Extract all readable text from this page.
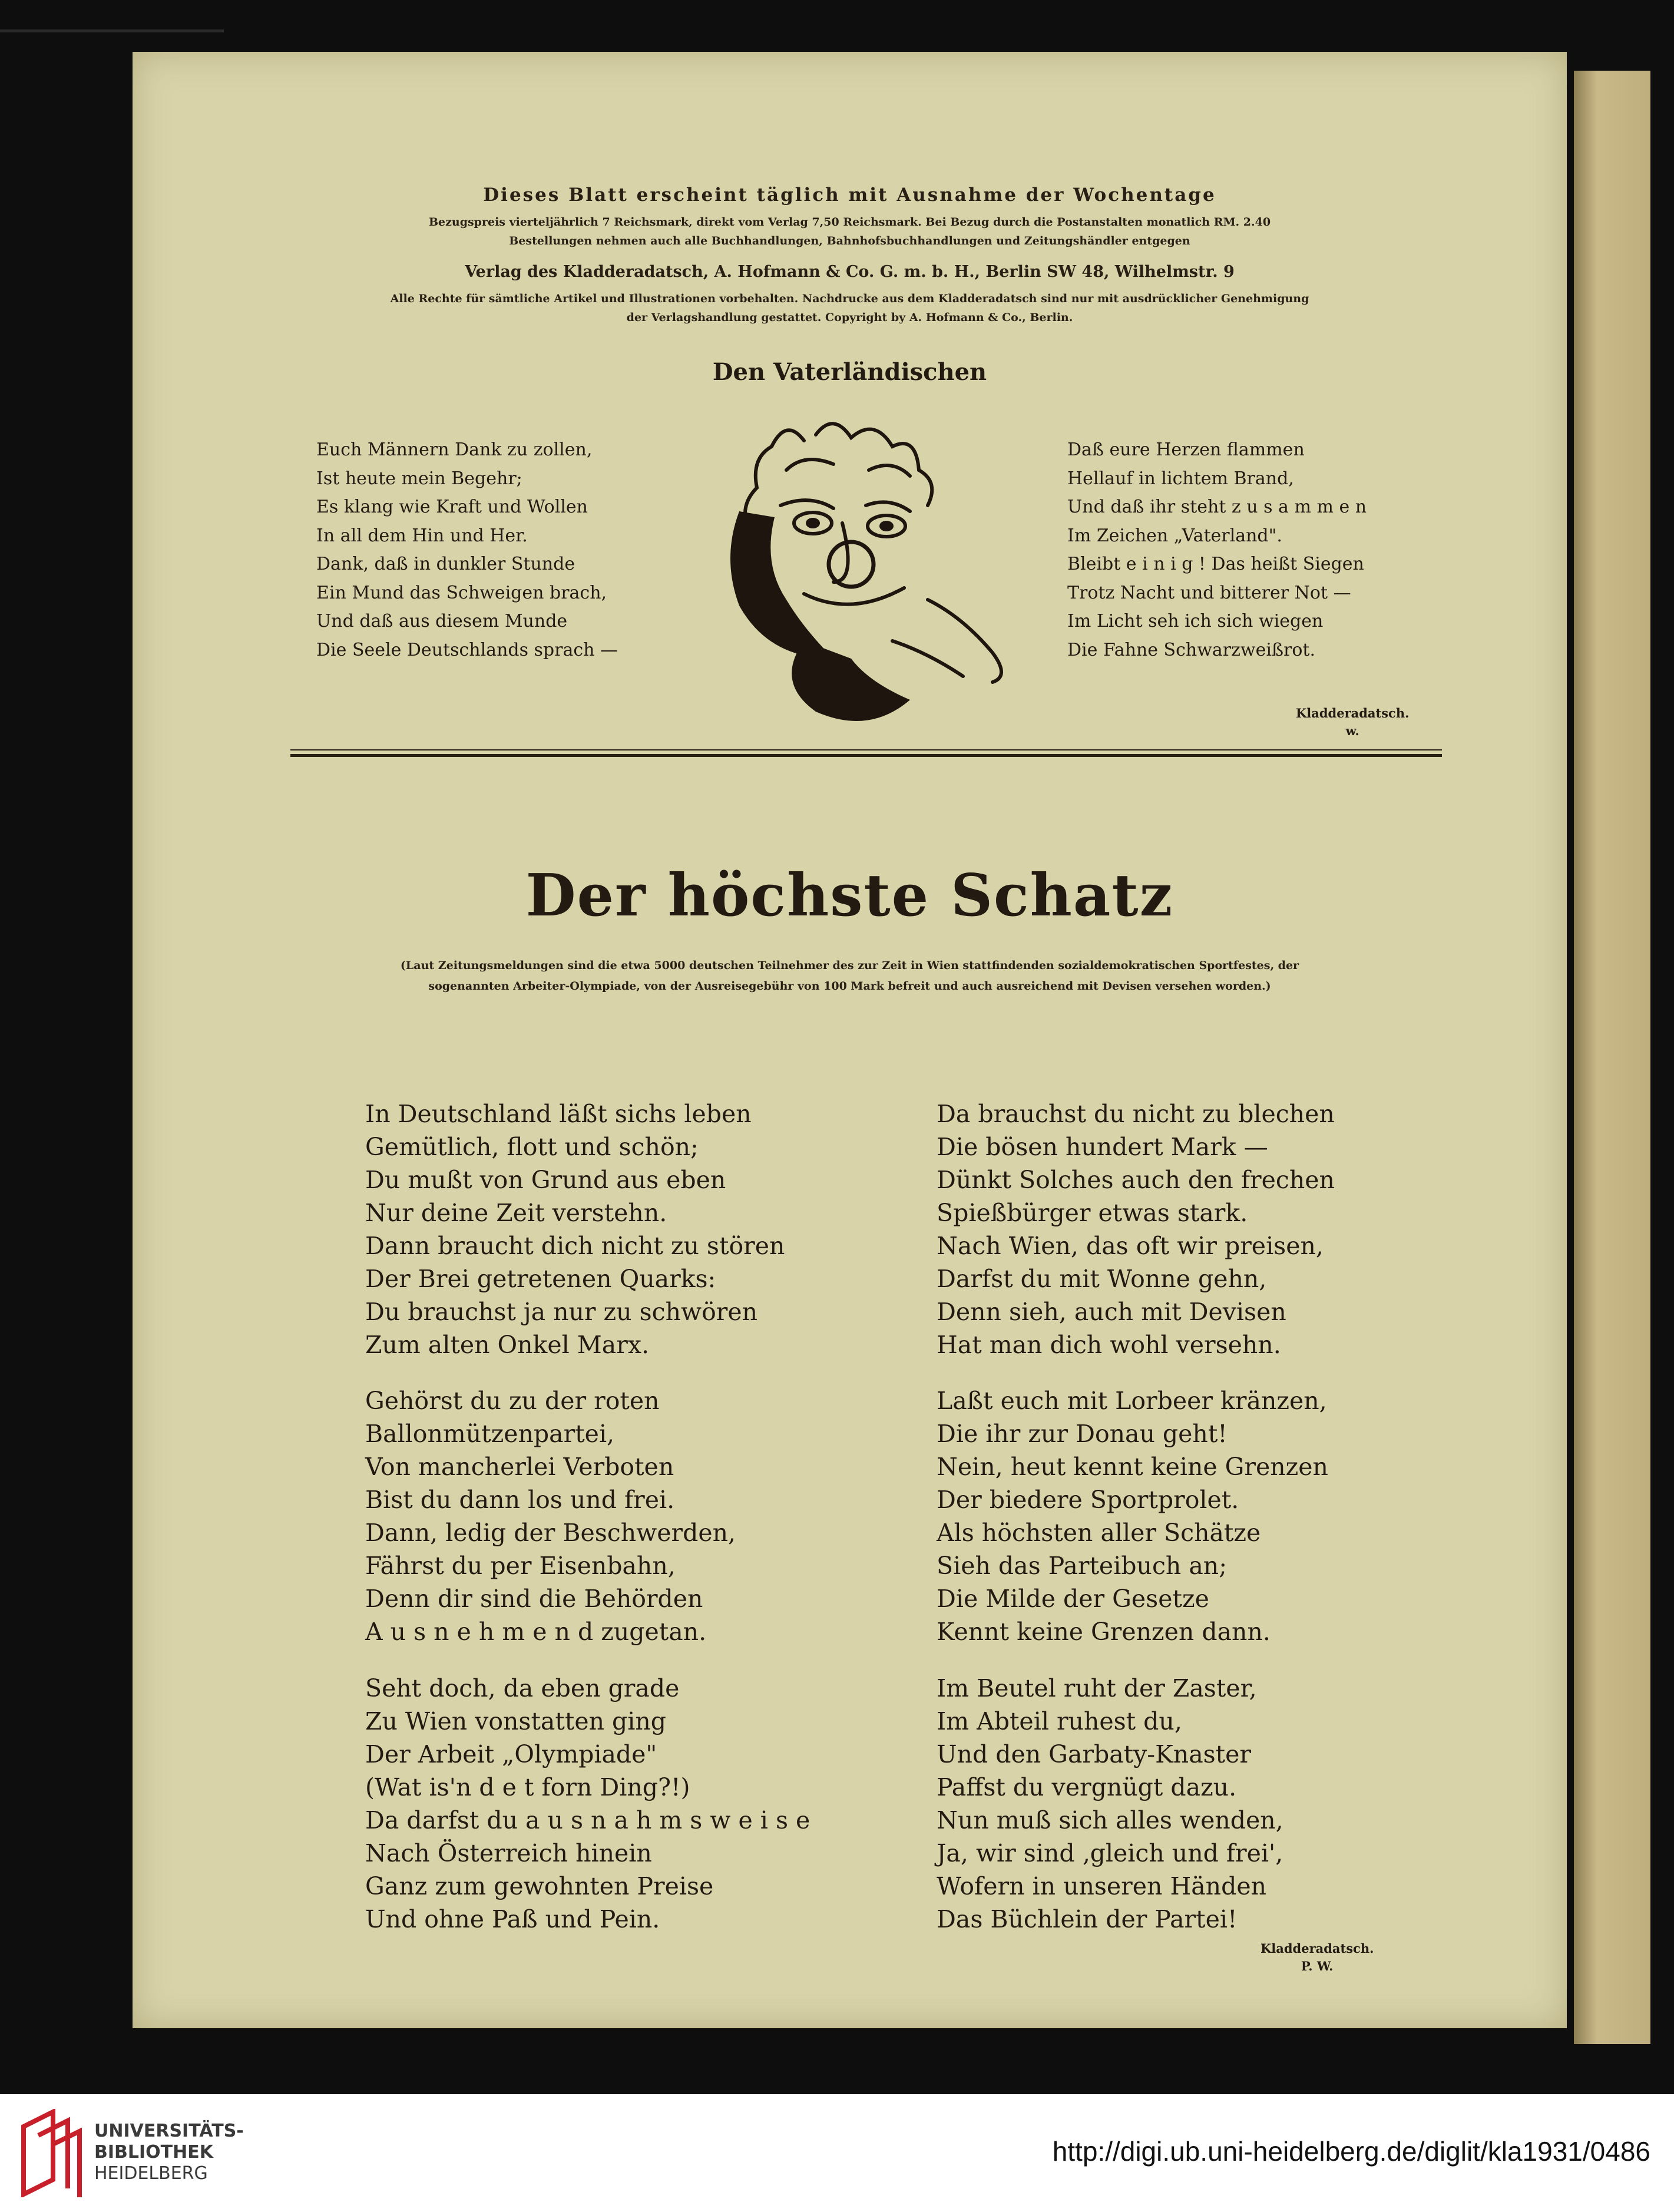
Dieses Blatt erscheint täglich mit Ausnahme der Wochentage
Bezugspreis vierteljährlich 7 Reichsmark, direkt vom Verlag 7,50 Reichsmark. Bei Bezug durch die Postanstalten monatlich RM. 2.40
Bestellungen nehmen auch alle Buchhandlungen, Bahnhofsbuchhandlungen und Zeitungshändler entgegen
Verlag des Kladderadatsch, A. Hofmann & Co. G. m. b. H., Berlin SW 48, Wilhelmstr. 9
Alle Rechte für sämtliche Artikel und Illustrationen vorbehalten. Nachdrucke aus dem Kladderadatsch sind nur mit ausdrücklicher Genehmigung
der Verlagshandlung gestattet. Copyright by A. Hofmann & Co., Berlin.
Den Vaterländischen
Euch Männern Dank zu zollen,
Ist heute mein Begehr;
Es klang wie Kraft und Wollen
In all dem Hin und Her.
Dank, daß in dunkler Stunde
Ein Mund das Schweigen brach,
Und daß aus diesem Munde
Die Seele Deutschlands sprach —
Daß eure Herzen flammen
Hellauf in lichtem Brand,
Und daß ihr steht z u s a m m e n
Im Zeichen „Vaterland".
Bleibt e i n i g ! Das heißt Siegen
Trotz Nacht und bitterer Not —
Im Licht seh ich sich wiegen
Die Fahne Schwarzweißrot.
Kladderadatsch.
w.
Der höchste Schatz
(Laut Zeitungsmeldungen sind die etwa 5000 deutschen Teilnehmer des zur Zeit in Wien stattfindenden sozialdemokratischen Sportfestes, der
sogenannten Arbeiter-Olympiade, von der Ausreisegebühr von 100 Mark befreit und auch ausreichend mit Devisen versehen worden.)
In Deutschland läßt sichs leben
Gemütlich, flott und schön;
Du mußt von Grund aus eben
Nur deine Zeit verstehn.
Dann braucht dich nicht zu stören
Der Brei getretenen Quarks:
Du brauchst ja nur zu schwören
Zum alten Onkel Marx.
Gehörst du zu der roten
Ballonmützenpartei,
Von mancherlei Verboten
Bist du dann los und frei.
Dann, ledig der Beschwerden,
Fährst du per Eisenbahn,
Denn dir sind die Behörden
A u s n e h m e n d zugetan.
Seht doch, da eben grade
Zu Wien vonstatten ging
Der Arbeit „Olympiade"
(Wat is'n d e t forn Ding?!)
Da darfst du a u s n a h m s w e i s e
Nach Österreich hinein
Ganz zum gewohnten Preise
Und ohne Paß und Pein.
Da brauchst du nicht zu blechen
Die bösen hundert Mark —
Dünkt Solches auch den frechen
Spießbürger etwas stark.
Nach Wien, das oft wir preisen,
Darfst du mit Wonne gehn,
Denn sieh, auch mit Devisen
Hat man dich wohl versehn.
Laßt euch mit Lorbeer kränzen,
Die ihr zur Donau geht!
Nein, heut kennt keine Grenzen
Der biedere Sportprolet.
Als höchsten aller Schätze
Sieh das Parteibuch an;
Die Milde der Gesetze
Kennt keine Grenzen dann.
Im Beutel ruht der Zaster,
Im Abteil ruhest du,
Und den Garbaty-Knaster
Paffst du vergnügt dazu.
Nun muß sich alles wenden,
Ja, wir sind ‚gleich und frei',
Wofern in unseren Händen
Das Büchlein der Partei!
Kladderadatsch.
P. W.
UNIVERSITÄTS-
BIBLIOTHEK
HEIDELBERG
http://digi.ub.uni-heidelberg.de/diglit/kla1931/0486
